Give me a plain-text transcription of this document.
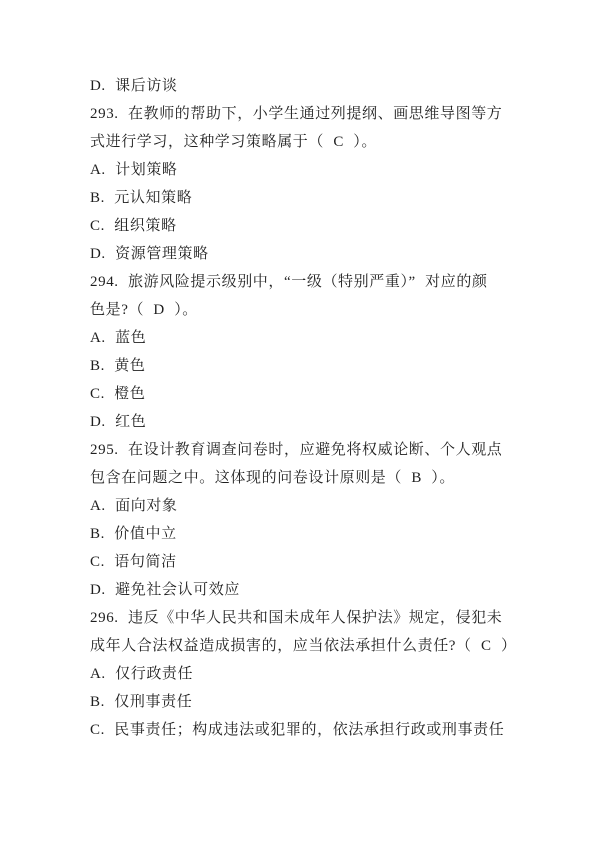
D. 课后访谈
293. 在教师的帮助下，小学生通过列提纲、画思维导图等方
式进行学习，这种学习策略属于（ C ）。
A. 计划策略
B. 元认知策略
C. 组织策略
D. 资源管理策略
294. 旅游风险提示级别中，“一级（特别严重）” 对应的颜
色是?（ D ）。
A. 蓝色
B. 黄色
C. 橙色
D. 红色
295. 在设计教育调查问卷时，应避免将权威论断、个人观点
包含在问题之中。这体现的问卷设计原则是（ B ）。
A. 面向对象
B. 价值中立
C. 语句简洁
D. 避免社会认可效应
296. 违反《中华人民共和国未成年人保护法》规定，侵犯未
成年人合法权益造成损害的，应当依法承担什么责任?（ C ）
A. 仅行政责任
B. 仅刑事责任
C. 民事责任；构成违法或犯罪的，依法承担行政或刑事责任
